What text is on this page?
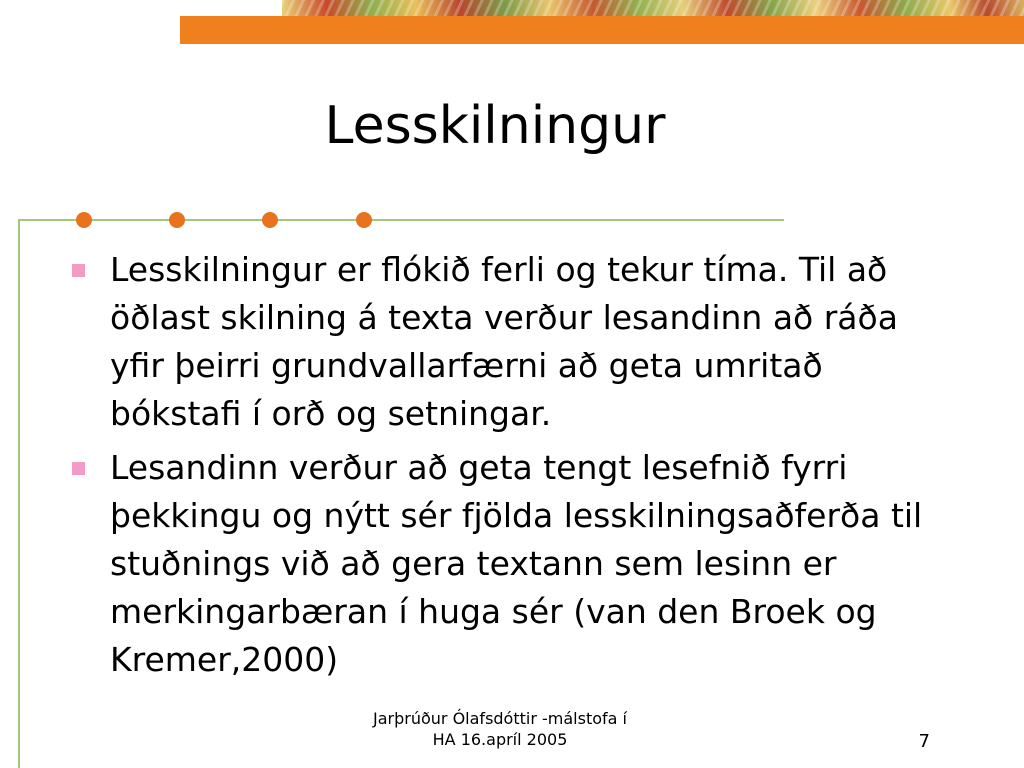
Lesskilningur
Lesskilningur er flókið ferli og tekur tíma. Til að öðlast skilning á texta verður lesandinn að ráða yfir þeirri grundvallarfærni að geta umritað bókstafi í orð og setningar.
Lesandinn verður að geta tengt lesefnið fyrri þekkingu og nýtt sér fjölda lesskilningsaðferða til stuðnings við að gera textann sem lesinn er merkingarbæran í huga sér (van den Broek og Kremer,2000)
Jarþrúður Ólafsdóttir -málstofa í
HA 16.apríl 2005	7
